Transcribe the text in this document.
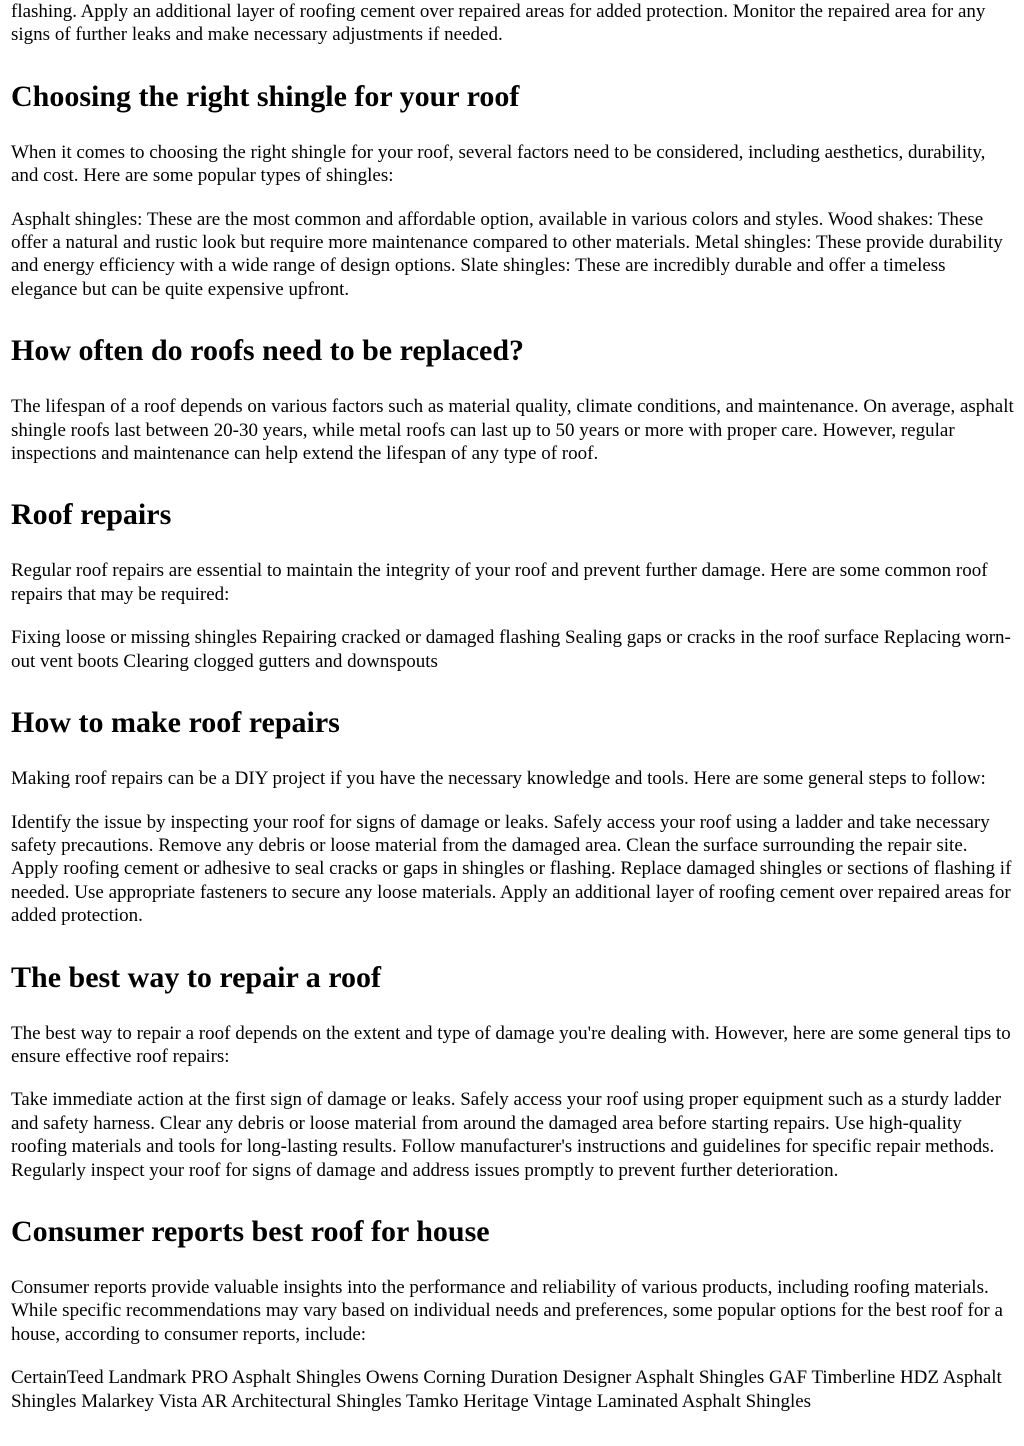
flashing. Apply an additional layer of roofing cement over repaired areas for added protection. Monitor the repaired area for any signs of further leaks and make necessary adjustments if needed.

Choosing the right shingle for your roof

When it comes to choosing the right shingle for your roof, several factors need to be considered, including aesthetics, durability, and cost. Here are some popular types of shingles:

Asphalt shingles: These are the most common and affordable option, available in various colors and styles. Wood shakes: These offer a natural and rustic look but require more maintenance compared to other materials. Metal shingles: These provide durability and energy efficiency with a wide range of design options. Slate shingles: These are incredibly durable and offer a timeless elegance but can be quite expensive upfront.

How often do roofs need to be replaced?

The lifespan of a roof depends on various factors such as material quality, climate conditions, and maintenance. On average, asphalt shingle roofs last between 20-30 years, while metal roofs can last up to 50 years or more with proper care. However, regular inspections and maintenance can help extend the lifespan of any type of roof.

Roof repairs

Regular roof repairs are essential to maintain the integrity of your roof and prevent further damage. Here are some common roof repairs that may be required:

Fixing loose or missing shingles Repairing cracked or damaged flashing Sealing gaps or cracks in the roof surface Replacing worn-out vent boots Clearing clogged gutters and downspouts

How to make roof repairs

Making roof repairs can be a DIY project if you have the necessary knowledge and tools. Here are some general steps to follow:

Identify the issue by inspecting your roof for signs of damage or leaks. Safely access your roof using a ladder and take necessary safety precautions. Remove any debris or loose material from the damaged area. Clean the surface surrounding the repair site. Apply roofing cement or adhesive to seal cracks or gaps in shingles or flashing. Replace damaged shingles or sections of flashing if needed. Use appropriate fasteners to secure any loose materials. Apply an additional layer of roofing cement over repaired areas for added protection.

The best way to repair a roof

The best way to repair a roof depends on the extent and type of damage you're dealing with. However, here are some general tips to ensure effective roof repairs:

Take immediate action at the first sign of damage or leaks. Safely access your roof using proper equipment such as a sturdy ladder and safety harness. Clear any debris or loose material from around the damaged area before starting repairs. Use high-quality roofing materials and tools for long-lasting results. Follow manufacturer's instructions and guidelines for specific repair methods. Regularly inspect your roof for signs of damage and address issues promptly to prevent further deterioration.

Consumer reports best roof for house

Consumer reports provide valuable insights into the performance and reliability of various products, including roofing materials. While specific recommendations may vary based on individual needs and preferences, some popular options for the best roof for a house, according to consumer reports, include:

CertainTeed Landmark PRO Asphalt Shingles Owens Corning Duration Designer Asphalt Shingles GAF Timberline HDZ Asphalt Shingles Malarkey Vista AR Architectural Shingles Tamko Heritage Vintage Laminated Asphalt Shingles
